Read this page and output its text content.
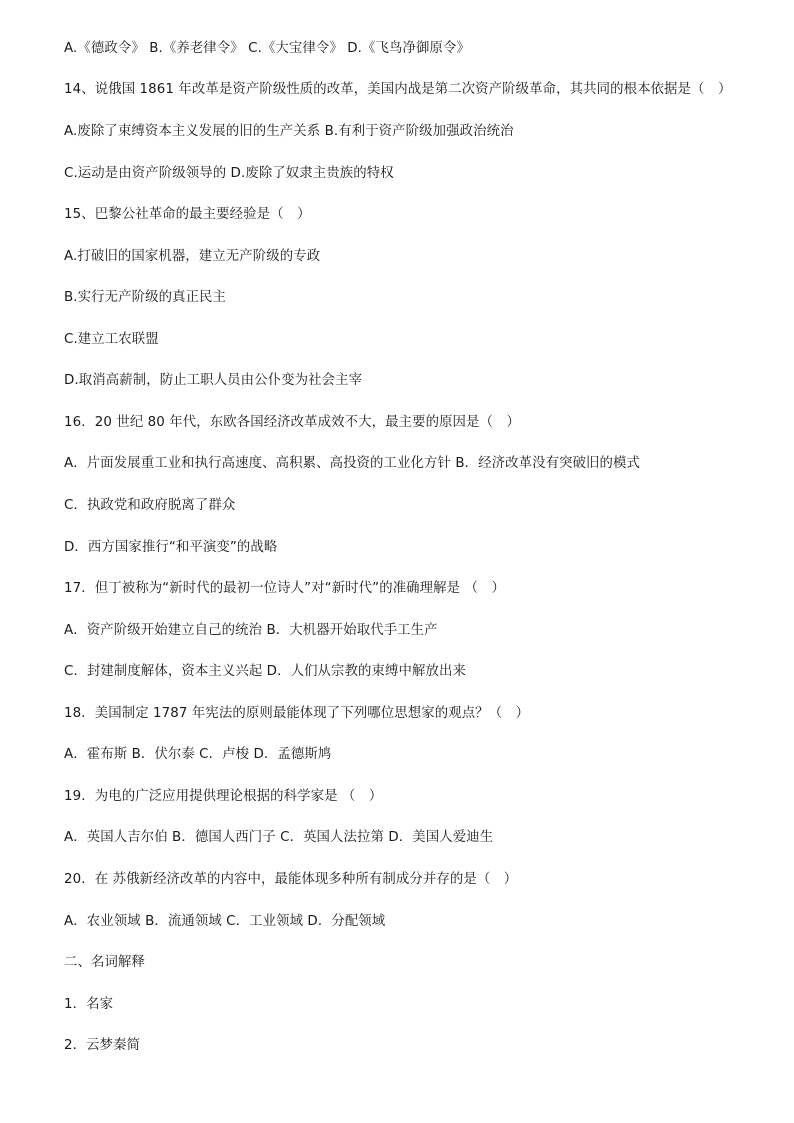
A.《德政令》 B.《养老律令》 C.《大宝律令》 D.《飞鸟净御原令》
14、说俄国 1861 年改革是资产阶级性质的改革，美国内战是第二次资产阶级革命，其共同的根本依据是（　）
A.废除了束缚资本主义发展的旧的生产关系 B.有利于资产阶级加强政治统治
C.运动是由资产阶级领导的 D.废除了奴隶主贵族的特权
15、巴黎公社革命的最主要经验是（　）
A.打破旧的国家机器，建立无产阶级的专政
B.实行无产阶级的真正民主
C.建立工农联盟
D.取消高薪制，防止工职人员由公仆变为社会主宰
16．20 世纪 80 年代，东欧各国经济改革成效不大，最主要的原因是（　）
A．片面发展重工业和执行高速度、高积累、高投资的工业化方针 B．经济改革没有突破旧的模式
C．执政党和政府脱离了群众
D．西方国家推行“和平演变”的战略
17．但丁被称为“新时代的最初一位诗人”对“新时代”的准确理解是 （　）
A．资产阶级开始建立自己的统治 B．大机器开始取代手工生产
C．封建制度解体，资本主义兴起 D．人们从宗教的束缚中解放出来
18．美国制定 1787 年宪法的原则最能体现了下列哪位思想家的观点？（　）
A．霍布斯 B．伏尔泰 C．卢梭 D．孟德斯鸠
19．为电的广泛应用提供理论根据的科学家是 （　）
A．英国人吉尔伯 B．德国人西门子 C．英国人法拉第 D．美国人爱迪生
20．在 苏俄新经济改革的内容中，最能体现多种所有制成分并存的是（　）
A．农业领域 B．流通领域 C．工业领域 D．分配领域
二、名词解释
1．名家
2．云梦秦简
